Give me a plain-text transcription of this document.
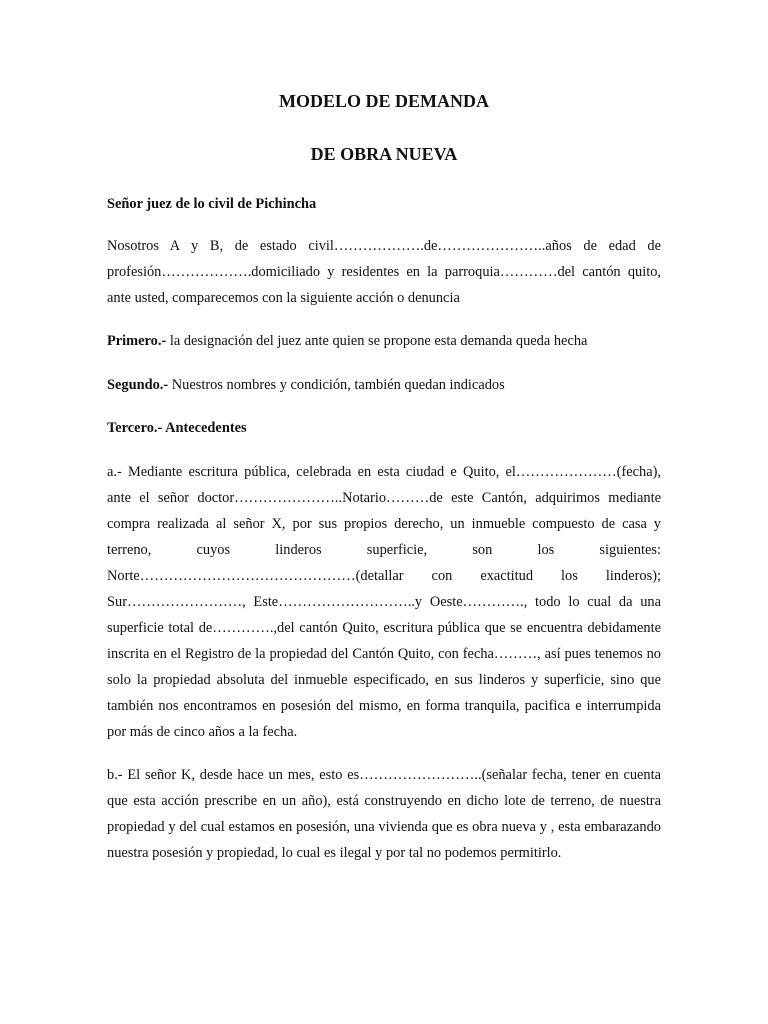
MODELO DE DEMANDA
DE OBRA NUEVA

Señor juez de lo civil de Pichincha

Nosotros A y B, de estado civil……………….de…………………..años de edad de profesión……………….domiciliado y residentes en la parroquia…………del cantón quito, ante usted, comparecemos con la siguiente acción o denuncia

Primero.- la designación del juez ante quien se propone esta demanda queda hecha

Segundo.- Nuestros nombres y condición, también quedan indicados

Tercero.- Antecedentes

a.- Mediante escritura pública, celebrada en esta ciudad e Quito, el…………………(fecha), ante el señor doctor…………………..Notario………de este Cantón, adquirimos mediante compra realizada al señor X, por sus propios derecho, un inmueble compuesto de casa y terreno, cuyos linderos superficie, son los siguientes: Norte………………………………………(detallar con exactitud los linderos); Sur……………………, Este………………………..y Oeste…………., todo lo cual da una superficie total de………….,del cantón Quito, escritura pública que se encuentra debidamente inscrita en el Registro de la propiedad del Cantón Quito, con fecha………, así pues tenemos no solo la propiedad absoluta del inmueble especificado, en sus linderos y superficie, sino que también nos encontramos en posesión del mismo, en forma tranquila, pacifica e interrumpida por más de cinco años a la fecha.

b.- El señor K, desde hace un mes, esto es……………………..(señalar fecha, tener en cuenta que esta acción prescribe en un año), está construyendo en dicho lote de terreno, de nuestra propiedad y del cual estamos en posesión, una vivienda que es obra nueva y , esta embarazando nuestra posesión y propiedad, lo cual es ilegal y por tal no podemos permitirlo.
